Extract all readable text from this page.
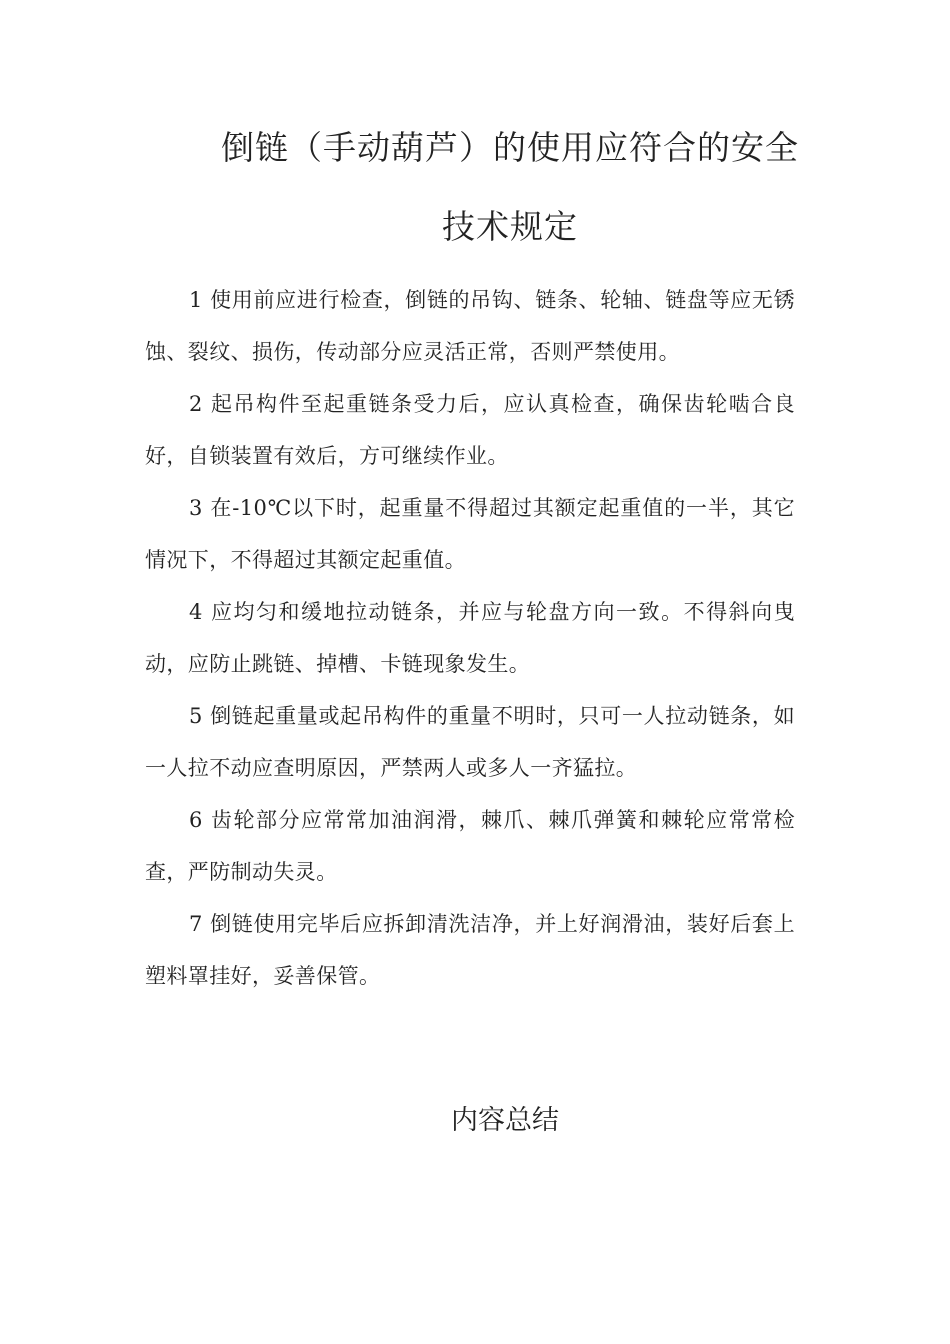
倒链（手动葫芦）的使用应符合的安全
技术规定

1 使用前应进行检查，倒链的吊钩、链条、轮轴、链盘等应无锈蚀、裂纹、损伤，传动部分应灵活正常，否则严禁使用。

2 起吊构件至起重链条受力后，应认真检查，确保齿轮啮合良好，自锁装置有效后，方可继续作业。

3 在-10℃以下时，起重量不得超过其额定起重值的一半，其它情况下，不得超过其额定起重值。

4 应均匀和缓地拉动链条，并应与轮盘方向一致。不得斜向曳动，应防止跳链、掉槽、卡链现象发生。

5 倒链起重量或起吊构件的重量不明时，只可一人拉动链条，如一人拉不动应查明原因，严禁两人或多人一齐猛拉。

6 齿轮部分应常常加油润滑，棘爪、棘爪弹簧和棘轮应常常检查，严防制动失灵。

7 倒链使用完毕后应拆卸清洗洁净，并上好润滑油，装好后套上塑料罩挂好，妥善保管。

内容总结
